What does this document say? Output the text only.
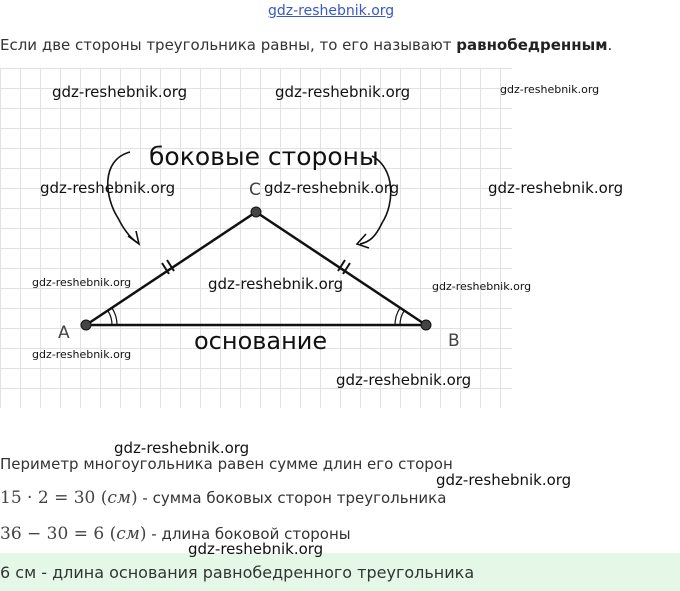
gdz-reshebnik.org
Если две стороны треугольника равны, то его называют равнобедренным.
A	B
C
боковые стороны
основание
gdz-reshebnik.org	gdz-reshebnik.org	gdz-reshebnik.org
gdz-reshebnik.org	gdz-reshebnik.org	gdz-reshebnik.org
gdz-reshebnik.org	gdz-reshebnik.org	gdz-reshebnik.org
gdz-reshebnik.org
gdz-reshebnik.org
gdz-reshebnik.org
Периметр многоугольника равен сумме длин его сторон
gdz-reshebnik.org
15 · 2 = 30 (см) - сумма боковых сторон треугольника
36 − 30 = 6 (см) - длина боковой стороны
gdz-reshebnik.org
6 см - длина основания равнобедренного треугольника
